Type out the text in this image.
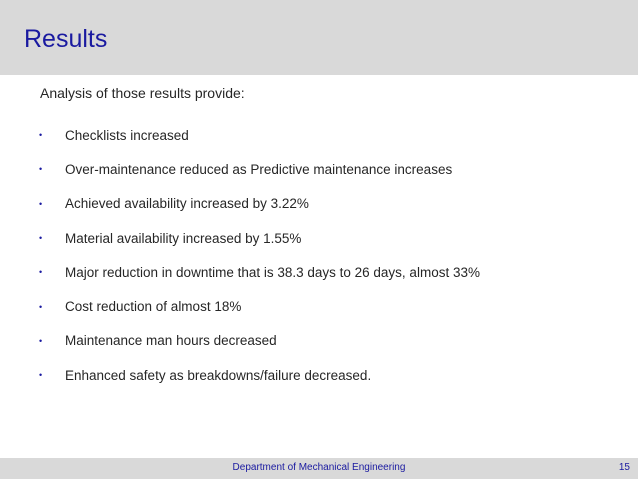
Results
Analysis of those results provide:
•	Checklists increased
•	Over-maintenance reduced as Predictive maintenance increases
•	Achieved availability increased by 3.22%
•	Material availability increased by 1.55%
•	Major reduction in downtime that is 38.3 days to 26 days, almost 33%
•	Cost reduction of almost 18%
•	Maintenance man hours decreased
•	Enhanced safety as breakdowns/failure decreased.
Department of Mechanical Engineering	15
